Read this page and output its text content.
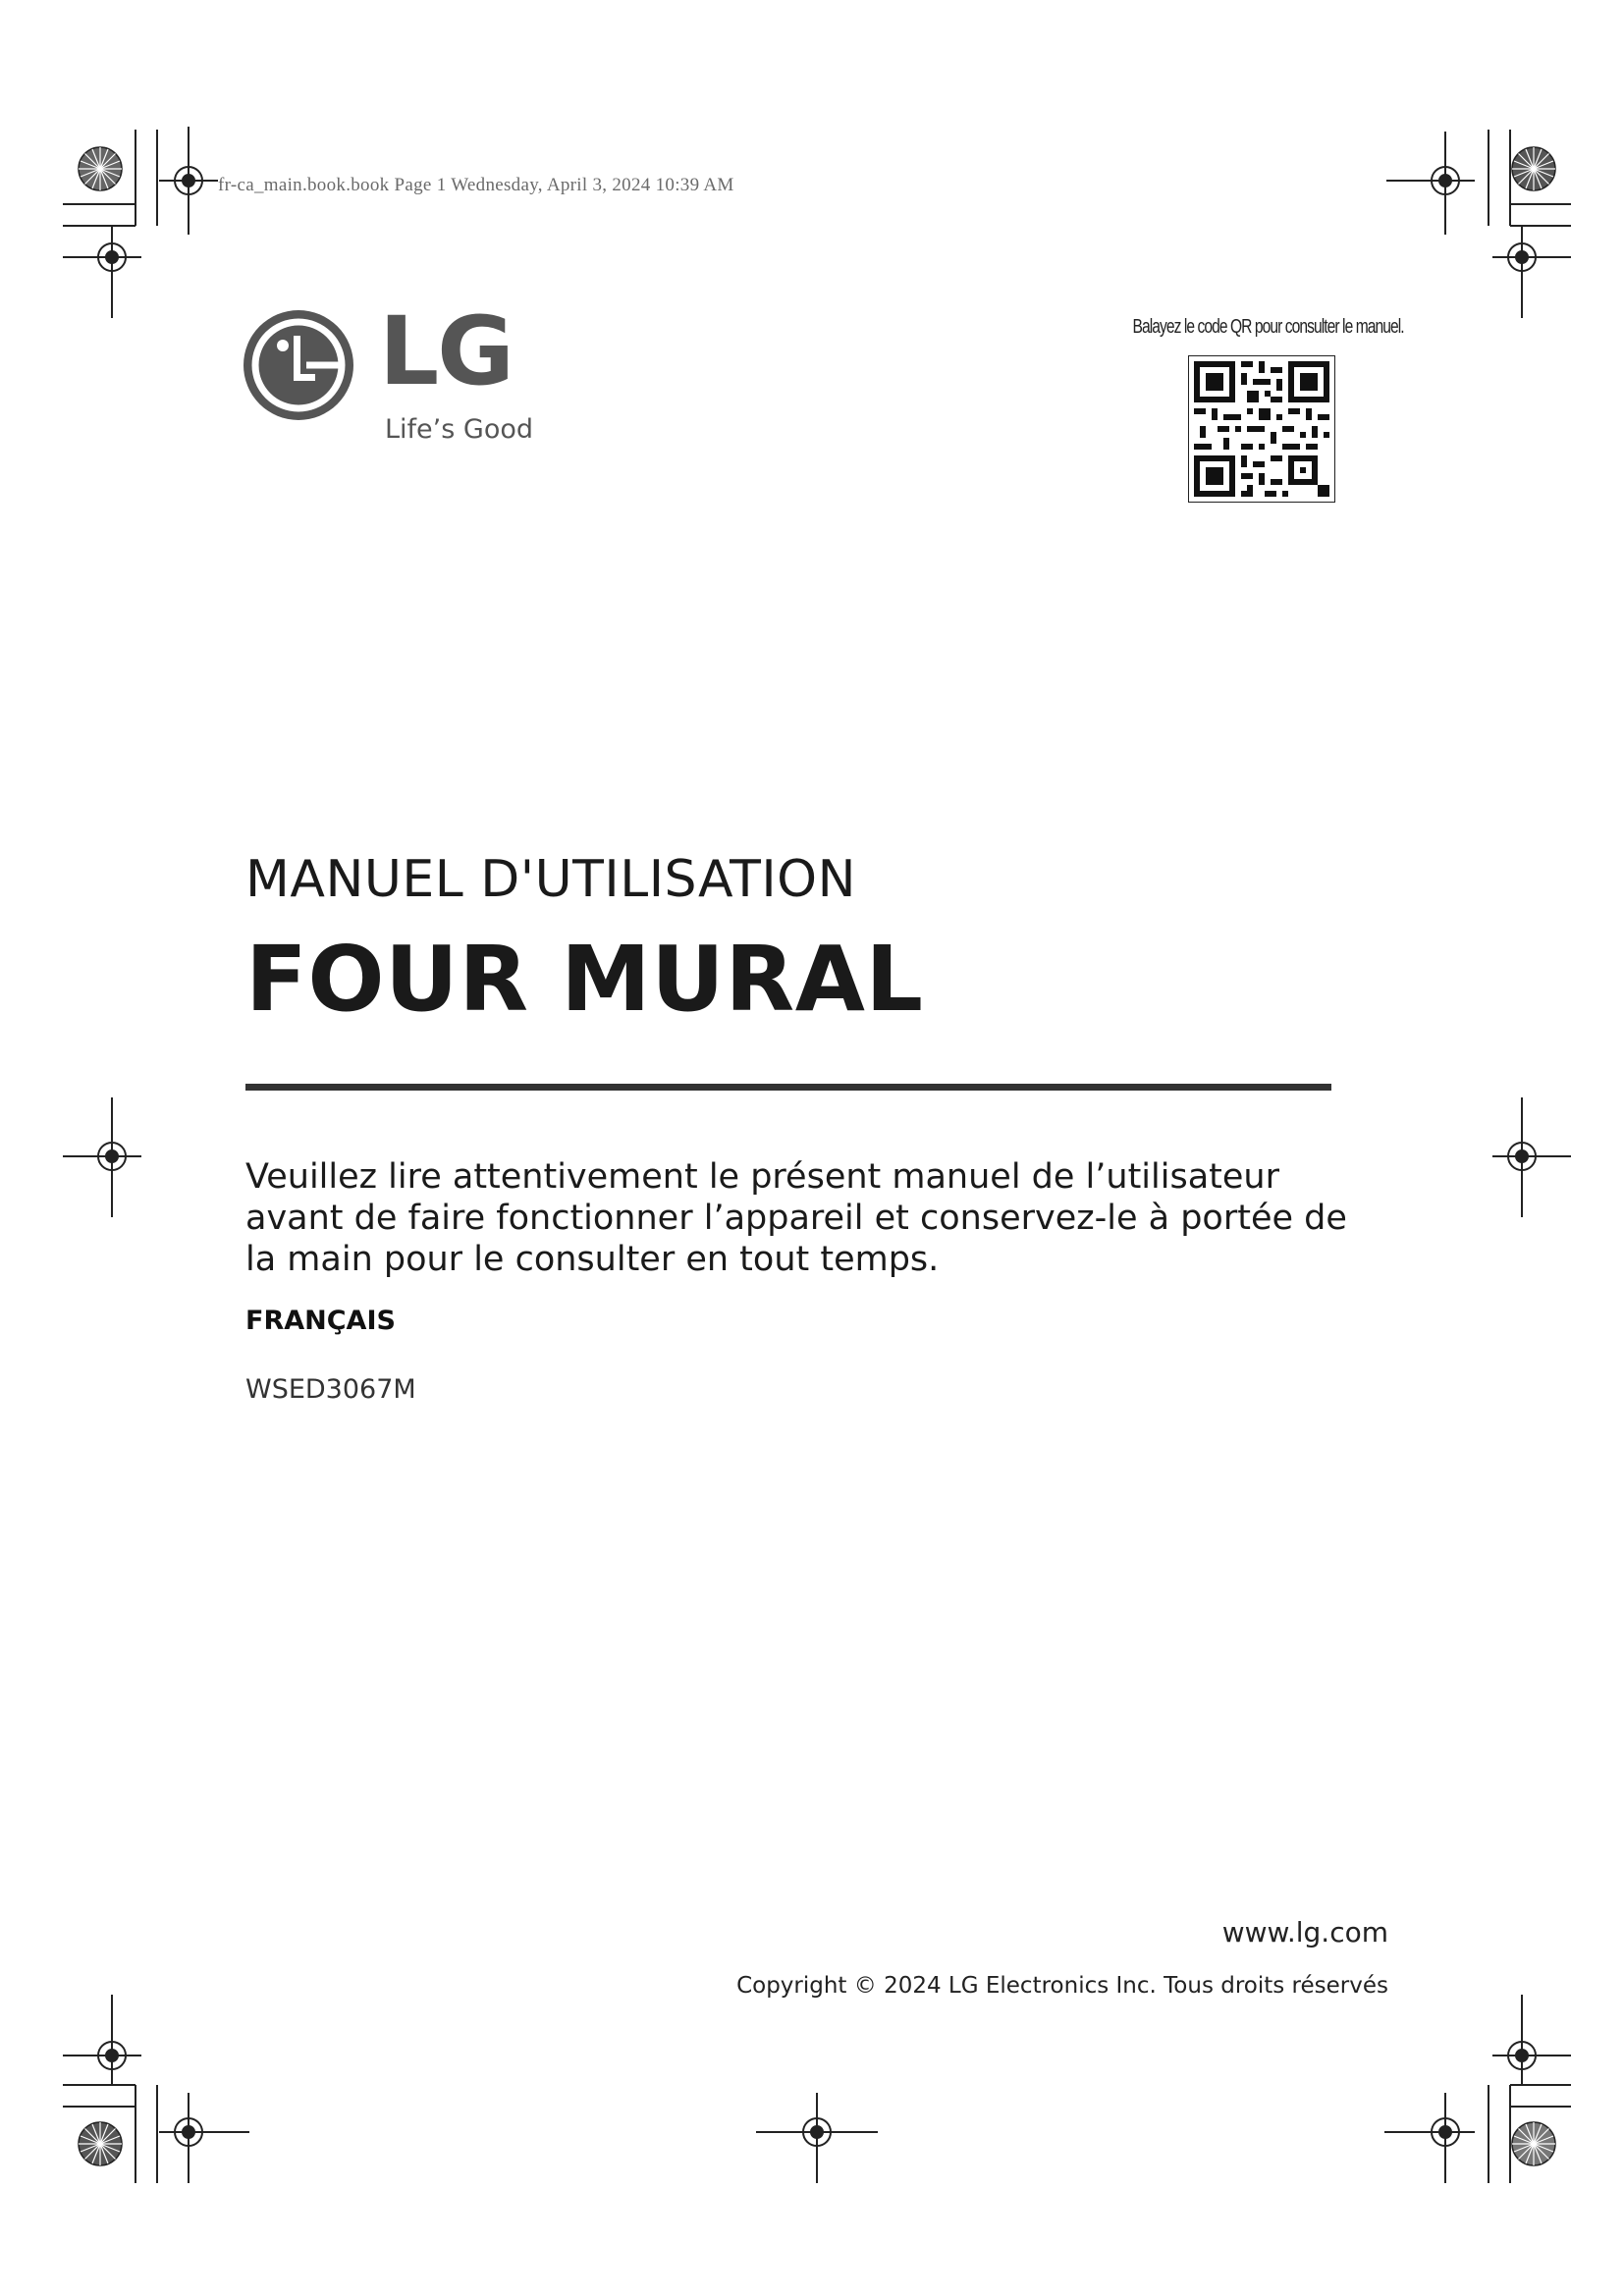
fr-ca_main.book.book Page 1 Wednesday, April 3, 2024 10:39 AM
LG
Life’s Good
Balayez le code QR pour consulter le manuel.
MANUEL D'UTILISATION
FOUR MURAL
Veuillez lire attentivement le présent manuel de l’utilisateur
avant de faire fonctionner l’appareil et conservez-le à portée de
la main pour le consulter en tout temps.
FRANÇAIS
WSED3067M
www.lg.com
Copyright © 2024 LG Electronics Inc. Tous droits réservés
